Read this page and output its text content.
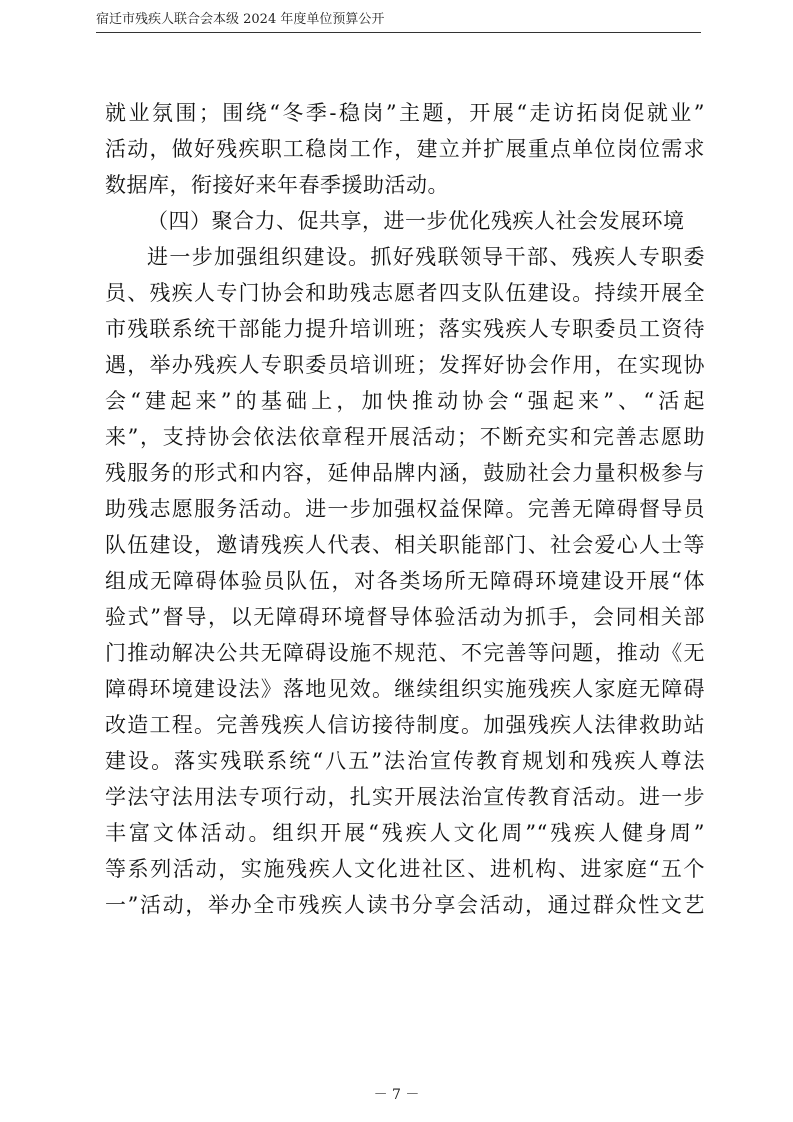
宿迁市残疾人联合会本级 2024 年度单位预算公开
就业氛围；围绕“冬季-稳岗”主题，开展“走访拓岗促就业”
活动，做好残疾职工稳岗工作，建立并扩展重点单位岗位需求
数据库，衔接好来年春季援助活动。
（四）聚合力、促共享，进一步优化残疾人社会发展环境
进一步加强组织建设。抓好残联领导干部、残疾人专职委
员、残疾人专门协会和助残志愿者四支队伍建设。持续开展全
市残联系统干部能力提升培训班；落实残疾人专职委员工资待
遇，举办残疾人专职委员培训班；发挥好协会作用，在实现协
会“建起来”的基础上，加快推动协会“强起来”、“活起
来”，支持协会依法依章程开展活动；不断充实和完善志愿助
残服务的形式和内容，延伸品牌内涵，鼓励社会力量积极参与
助残志愿服务活动。进一步加强权益保障。完善无障碍督导员
队伍建设，邀请残疾人代表、相关职能部门、社会爱心人士等
组成无障碍体验员队伍，对各类场所无障碍环境建设开展“体
验式”督导，以无障碍环境督导体验活动为抓手，会同相关部
门推动解决公共无障碍设施不规范、不完善等问题，推动《无
障碍环境建设法》落地见效。继续组织实施残疾人家庭无障碍
改造工程。完善残疾人信访接待制度。加强残疾人法律救助站
建设。落实残联系统“八五”法治宣传教育规划和残疾人尊法
学法守法用法专项行动，扎实开展法治宣传教育活动。进一步
丰富文体活动。组织开展“残疾人文化周”“残疾人健身周”
等系列活动，实施残疾人文化进社区、进机构、进家庭“五个
一”活动，举办全市残疾人读书分享会活动，通过群众性文艺
－ 7 －
